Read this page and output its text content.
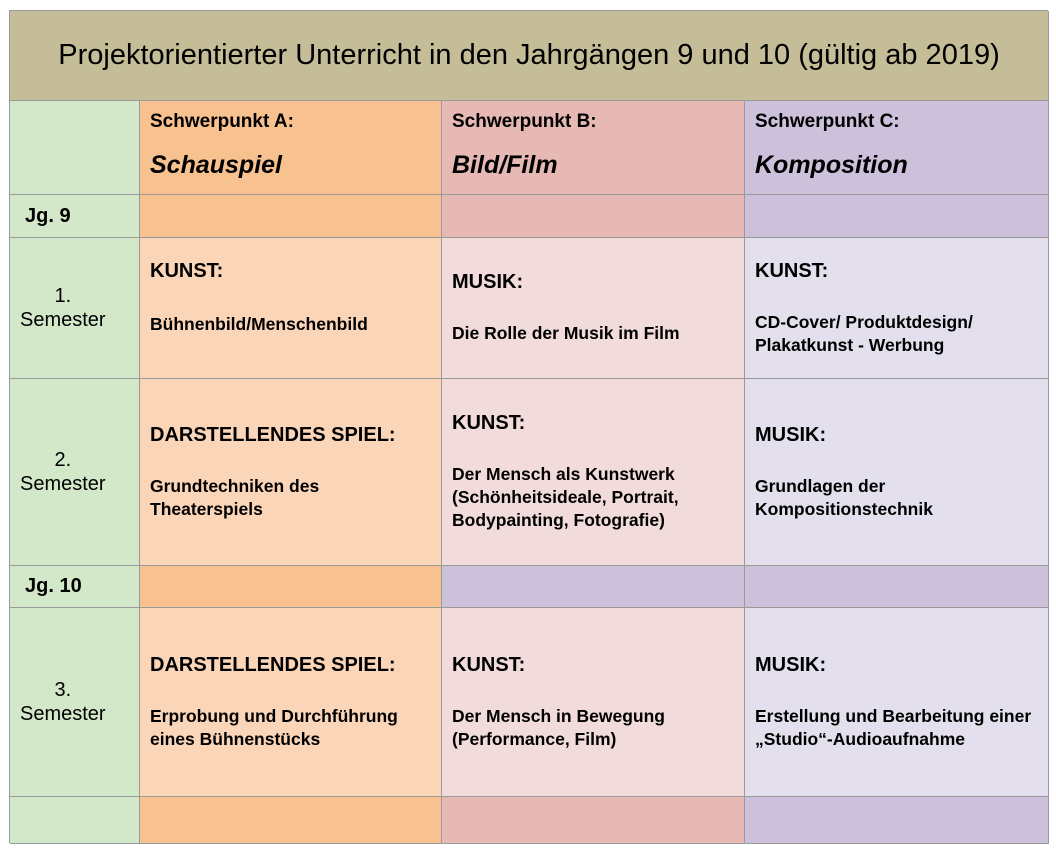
Projektorientierter Unterricht in den Jahrgängen 9 und 10 (gültig ab 2019)
Schwerpunkt A:
Schauspiel
Schwerpunkt B:
Bild/Film
Schwerpunkt C:
Komposition
Jg. 9
1.
Semester
KUNST:
Bühnenbild/Menschenbild
MUSIK:
Die Rolle der Musik im Film
KUNST:
CD-Cover/ Produktdesign/ Plakatkunst - Werbung
2.
Semester
DARSTELLENDES SPIEL:
Grundtechniken des Theaterspiels
KUNST:
Der Mensch als Kunstwerk (Schönheitsideale, Portrait, Bodypainting, Fotografie)
MUSIK:
Grundlagen der Kompositionstechnik
Jg. 10
3.
Semester
DARSTELLENDES SPIEL:
Erprobung und Durchführung eines Bühnenstücks
KUNST:
Der Mensch in Bewegung (Performance, Film)
MUSIK:
Erstellung und Bearbeitung einer „Studio“-Audioaufnahme
